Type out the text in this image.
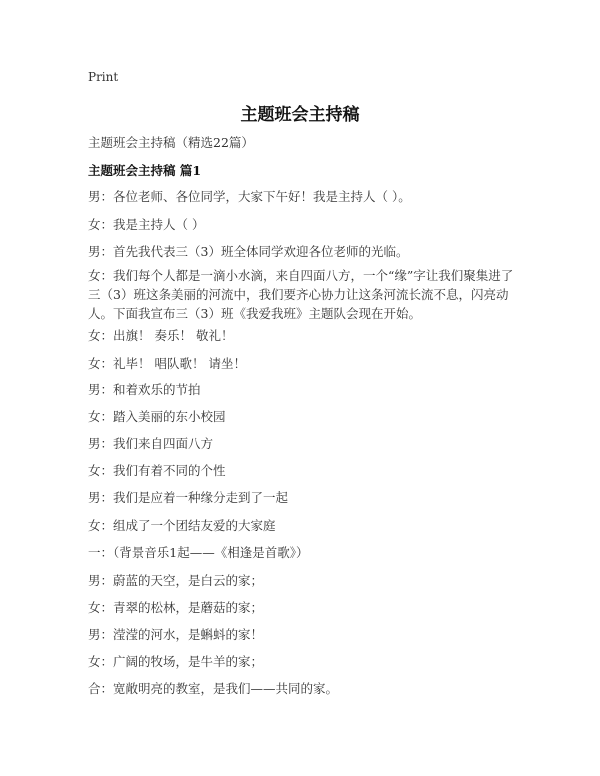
Print
主题班会主持稿
主题班会主持稿（精选22篇）
主题班会主持稿 篇1
男：各位老师、各位同学，大家下午好！我是主持人（ ）。
女：我是主持人（ ）
男：首先我代表三（3）班全体同学欢迎各位老师的光临。
女：我们每个人都是一滴小水滴，来自四面八方，一个“缘”字让我们聚集进了三（3）班这条美丽的河流中，我们要齐心协力让这条河流长流不息，闪亮动人。下面我宣布三（3）班《我爱我班》主题队会现在开始。
女：出旗！ 奏乐！ 敬礼！
女：礼毕！ 唱队歌！ 请坐！
男：和着欢乐的节拍
女：踏入美丽的东小校园
男：我们来自四面八方
女：我们有着不同的个性
男：我们是应着一种缘分走到了一起
女：组成了一个团结友爱的大家庭
一：（背景音乐1起——《相逢是首歌》）
男：蔚蓝的天空，是白云的家；
女：青翠的松林，是蘑菇的家；
男：滢滢的河水，是蝌蚪的家！
女：广阔的牧场，是牛羊的家；
合：宽敞明亮的教室，是我们——共同的家。
